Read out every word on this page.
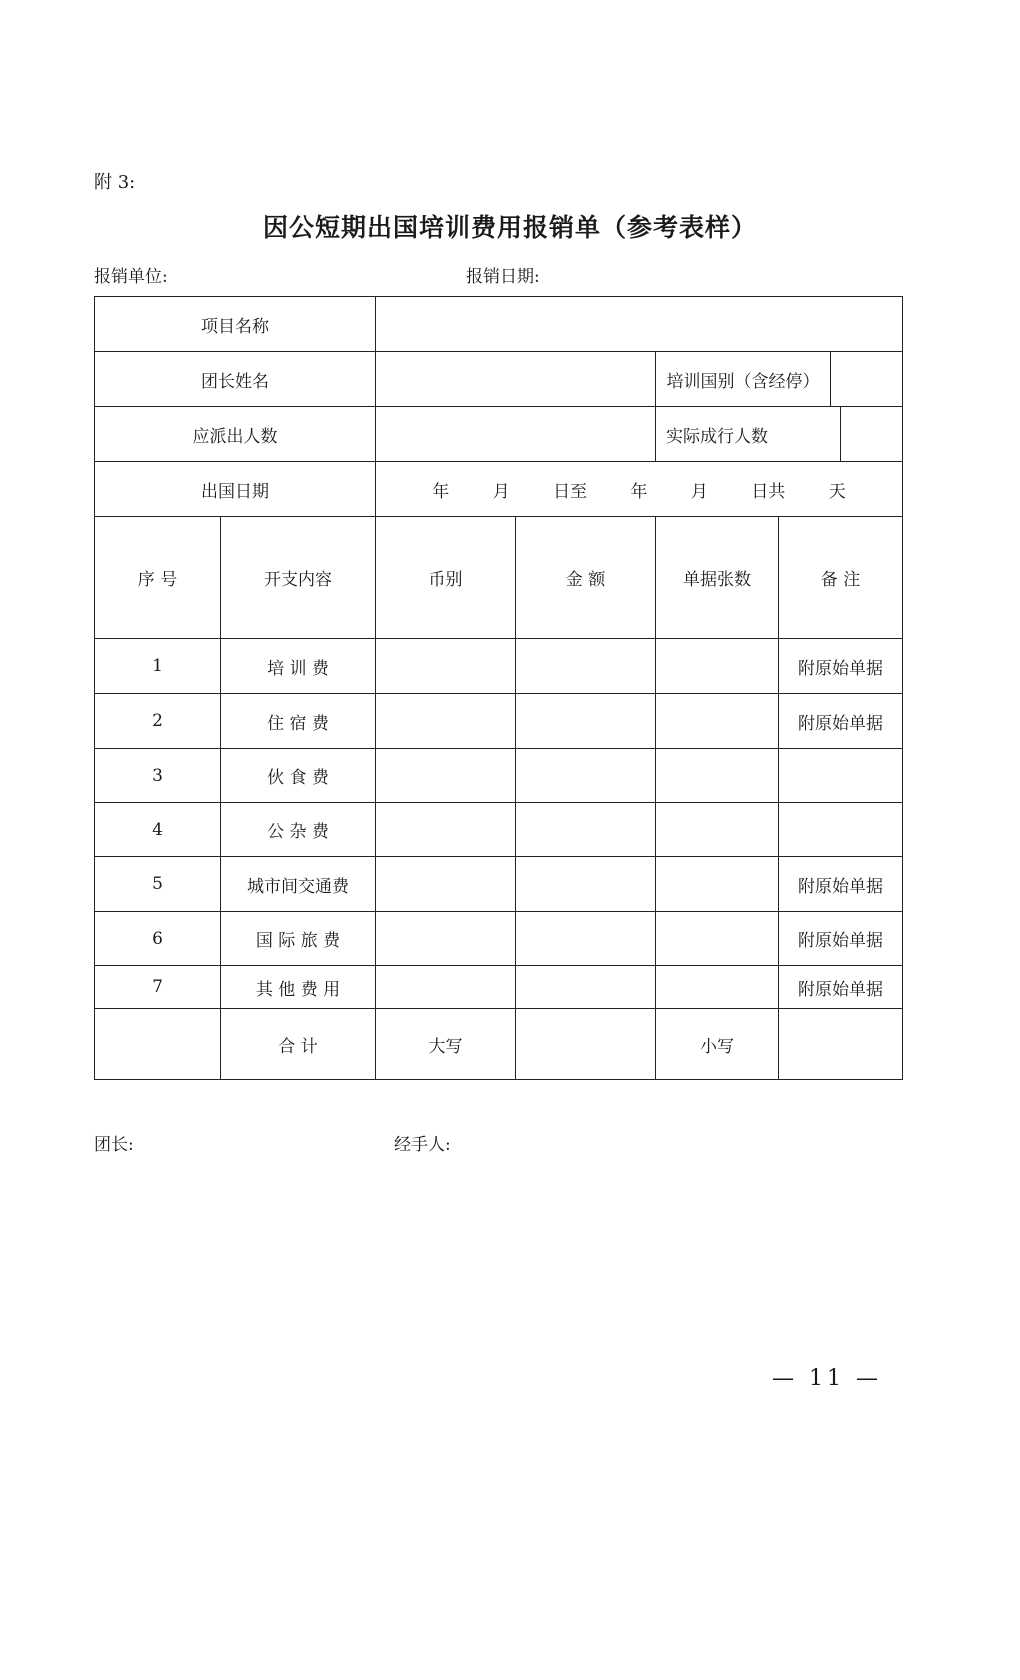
附 3:
因公短期出国培训费用报销单（参考表样）
报销单位:	报销日期:
项目名称					
团长姓名				培训国别（含经停）	

应派出人数				实际成行人数	

出国日期		年 月 日至 年 月 日共 天			
序 号	开支内容	币别	金 额	单据张数	备 注
1	培 训 费				附原始单据
2	住 宿 费				附原始单据
3	伙 食 费				
4	公 杂 费				
5	城市间交通费				附原始单据
6	国 际 旅 费				附原始单据
7	其 他 费 用				附原始单据
	合 计	大写		小写	
团长:	经手人:
— 11 —
